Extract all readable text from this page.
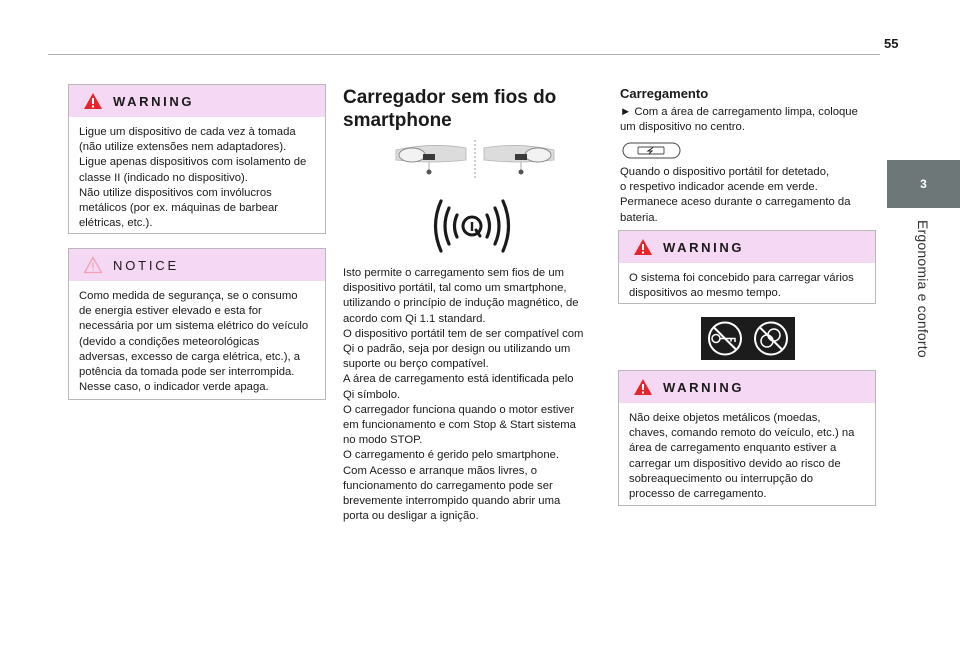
55
3
Ergonomia e conforto
WARNING
Ligue um dispositivo de cada vez à tomada
(não utilize extensões nem adaptadores).
Ligue apenas dispositivos com isolamento de
classe II (indicado no dispositivo).
Não utilize dispositivos com invólucros
metálicos (por ex. máquinas de barbear
elétricas, etc.).
NOTICE
Como medida de segurança, se o consumo
de energia estiver elevado e esta for
necessária por um sistema elétrico do veículo
(devido a condições meteorológicas
adversas, excesso de carga elétrica, etc.), a
potência da tomada pode ser interrompida.
Nesse caso, o indicador verde apaga.
Carregador sem fios do
smartphone
Isto permite o carregamento sem fios de um
dispositivo portátil, tal como um smartphone,
utilizando o princípio de indução magnético, de
acordo com Qi 1.1 standard.
O dispositivo portátil tem de ser compatível com
Qi o padrão, seja por design ou utilizando um
suporte ou berço compatível.
A área de carregamento está identificada pelo
Qi símbolo.
O carregador funciona quando o motor estiver
em funcionamento e com Stop & Start sistema
no modo STOP.
O carregamento é gerido pelo smartphone.
Com Acesso e arranque mãos livres, o
funcionamento do carregamento pode ser
brevemente interrompido quando abrir uma
porta ou desligar a ignição.
Carregamento
► Com a área de carregamento limpa, coloque
um dispositivo no centro.
Quando o dispositivo portátil for detetado,
o respetivo indicador acende em verde.
Permanece aceso durante o carregamento da
bateria.
WARNING
O sistema foi concebido para carregar vários
dispositivos ao mesmo tempo.
WARNING
Não deixe objetos metálicos (moedas,
chaves, comando remoto do veículo, etc.) na
área de carregamento enquanto estiver a
carregar um dispositivo devido ao risco de
sobreaquecimento ou interrupção do
processo de carregamento.
